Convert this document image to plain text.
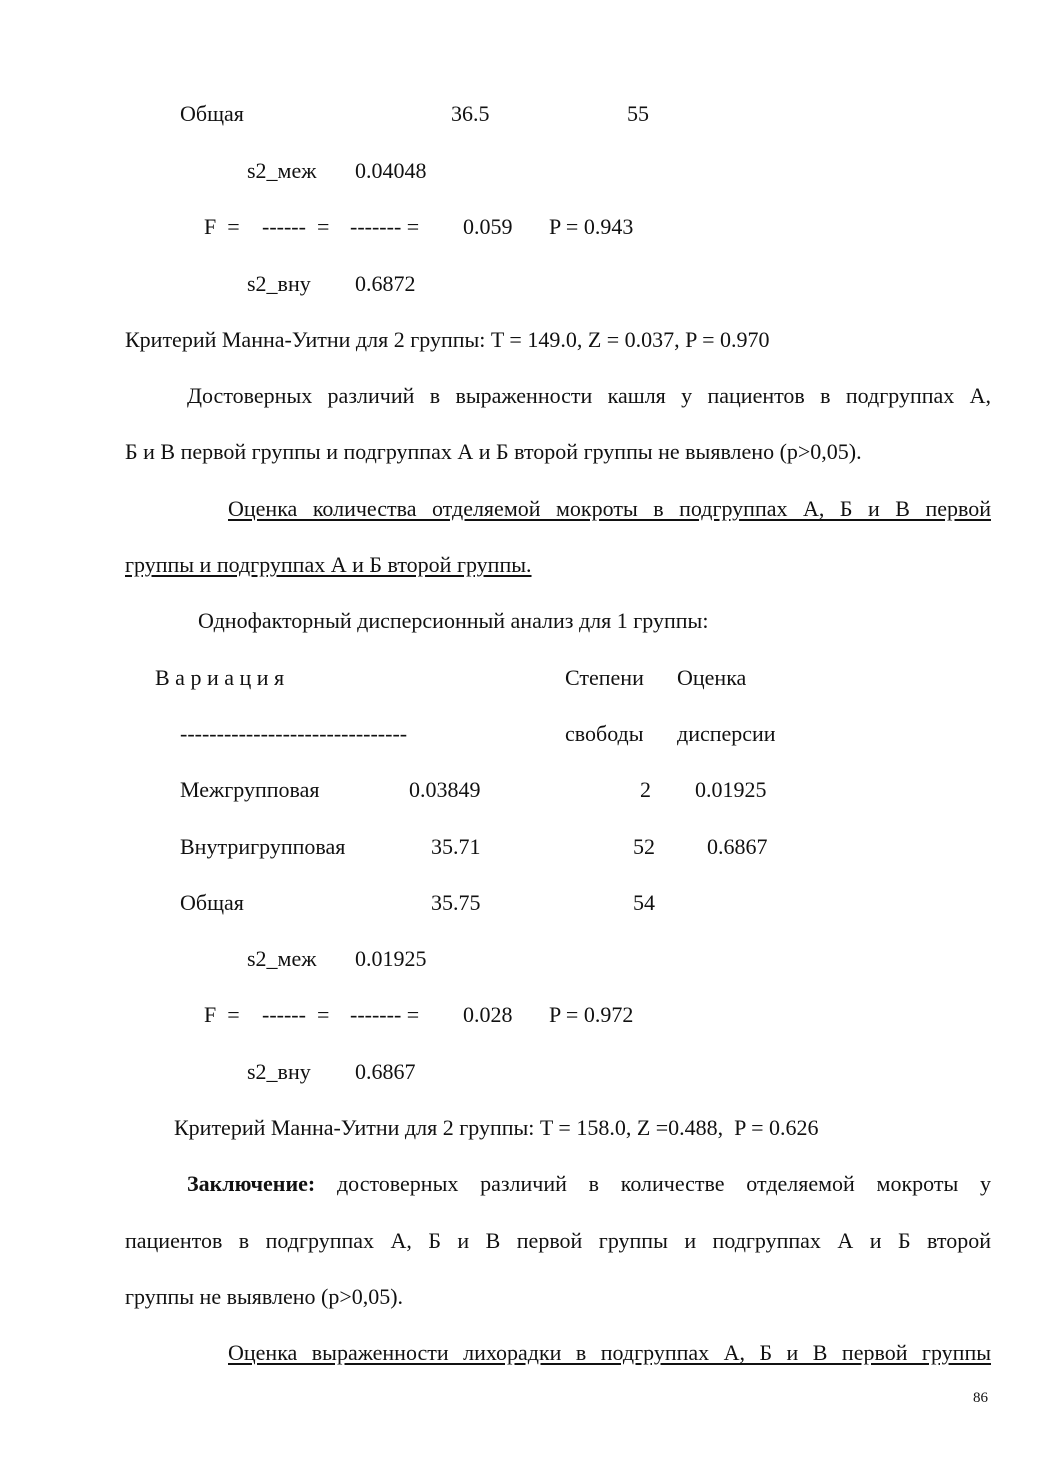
Общая	36.5	55
s2_меж 0.04048
F  = ------  = ------- = 0.059 P = 0.943
s2_вну 0.6872
Критерий Манна-Уитни для 2 группы: T = 149.0, Z = 0.037, P = 0.970
Достоверных различий в выраженности кашля у пациентов в подгруппах А,
Б и В первой группы и подгруппах А и Б второй группы не выявлено (p>0,05).
Оценка количества отделяемой мокроты в подгруппах А, Б и В первой
группы и подгруппах А и Б второй группы.
Однофакторный дисперсионный анализ для 1 группы:
В а р и а ц и я	Степени Оценка
-------------------------------	свободы дисперсии
Межгрупповая	0.03849	2 0.01925
Внутригрупповая	35.71	52 0.6867
Общая	35.75	54
s2_меж 0.01925
F  = ------  = ------- = 0.028 P = 0.972
s2_вну 0.6867
Критерий Манна-Уитни для 2 группы: T = 158.0, Z =0.488,  P = 0.626
Заключение: достоверных различий в количестве отделяемой мокроты у
пациентов в подгруппах А, Б и В первой группы и подгруппах А и Б второй
группы не выявлено (p>0,05).
Оценка выраженности лихорадки в подгруппах А, Б и В первой группы
86
